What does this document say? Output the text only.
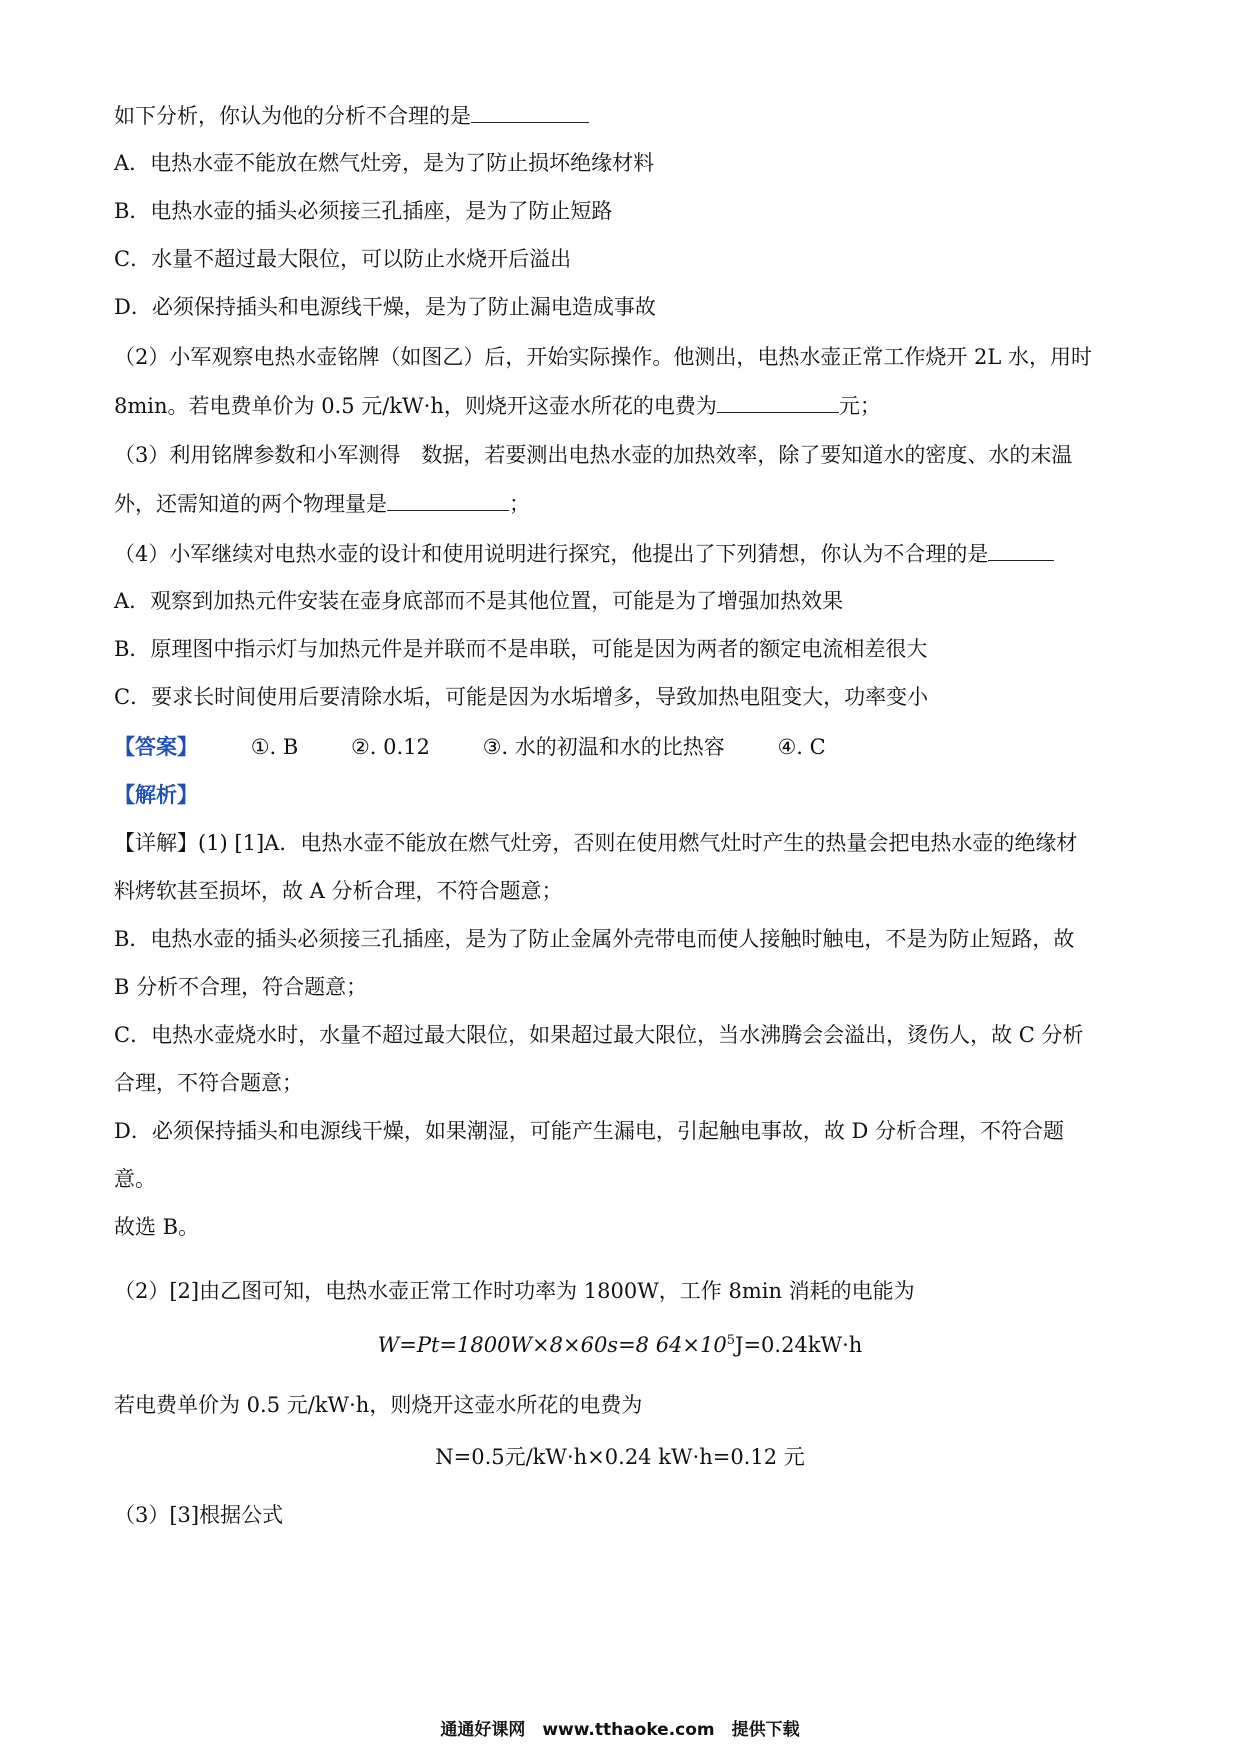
如下分析，你认为他的分析不合理的是
A．电热水壶不能放在燃气灶旁，是为了防止损坏绝缘材料
B．电热水壶的插头必须接三孔插座，是为了防止短路
C．水量不超过最大限位，可以防止水烧开后溢出
D．必须保持插头和电源线干燥，是为了防止漏电造成事故
（2）小军观察电热水壶铭牌（如图乙）后，开始实际操作。他测出，电热水壶正常工作烧开 2L 水，用时
8min。若电费单价为 0.5 元/kW·h，则烧开这壶水所花的电费为	元；
（3）利用铭牌参数和小军测得　数据，若要测出电热水壶的加热效率，除了要知道水的密度、水的末温
外，还需知道的两个物理量是	；
（4）小军继续对电热水壶的设计和使用说明进行探究，他提出了下列猜想，你认为不合理的是
A．观察到加热元件安装在壶身底部而不是其他位置，可能是为了增强加热效果
B．原理图中指示灯与加热元件是并联而不是串联，可能是因为两者的额定电流相差很大
C．要求长时间使用后要清除水垢，可能是因为水垢增多，导致加热电阻变大，功率变小
【答案】	①. B	②. 0.12	③. 水的初温和水的比热容	④. C
【解析】
【详解】(1) [1]A．电热水壶不能放在燃气灶旁，否则在使用燃气灶时产生的热量会把电热水壶的绝缘材
料烤软甚至损坏，故 A 分析合理，不符合题意；
B．电热水壶的插头必须接三孔插座，是为了防止金属外壳带电而使人接触时触电，不是为防止短路，故
B 分析不合理，符合题意；
C．电热水壶烧水时，水量不超过最大限位，如果超过最大限位，当水沸腾会会溢出，烫伤人，故 C 分析
合理，不符合题意；
D．必须保持插头和电源线干燥，如果潮湿，可能产生漏电，引起触电事故，故 D 分析合理，不符合题
意。
故选 B。
（2）[2]由乙图可知，电热水壶正常工作时功率为 1800W，工作 8min 消耗的电能为
W=Pt=1800W×8×60s=8 $64\times 10^5J=0.24kW\cdot h$
若电费单价为 0.5 元/kW·h，则烧开这壶水所花的电费为
N=0.5元/kW·h×0.24 kW·h=0.12 元
（3）[3]根据公式
通通好课网　www.tthaoke.com　提供下载
